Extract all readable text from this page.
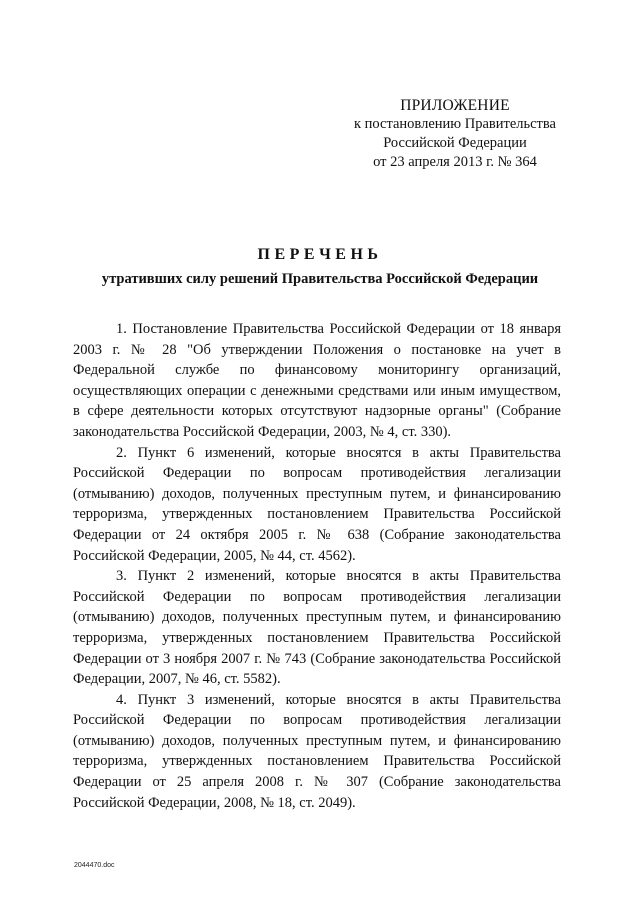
ПРИЛОЖЕНИЕ
к постановлению Правительства
Российской Федерации
от 23 апреля 2013 г. № 364
ПЕРЕЧЕНЬ
утративших силу решений Правительства Российской Федерации

1. Постановление Правительства Российской Федерации от 18 января 2003 г. № 28 "Об утверждении Положения о постановке на учет в Федеральной службе по финансовому мониторингу организаций, осуществляющих операции с денежными средствами или иным имуществом, в сфере деятельности которых отсутствуют надзорные органы" (Собрание законодательства Российской Федерации, 2003, № 4, ст. 330).

2. Пункт 6 изменений, которые вносятся в акты Правительства Российской Федерации по вопросам противодействия легализации (отмыванию) доходов, полученных преступным путем, и финансированию терроризма, утвержденных постановлением Правительства Российской Федерации от 24 октября 2005 г. № 638 (Собрание законодательства Российской Федерации, 2005, № 44, ст. 4562).

3. Пункт 2 изменений, которые вносятся в акты Правительства Российской Федерации по вопросам противодействия легализации (отмыванию) доходов, полученных преступным путем, и финансированию терроризма, утвержденных постановлением Правительства Российской Федерации от 3 ноября 2007 г. № 743 (Собрание законодательства Российской Федерации, 2007, № 46, ст. 5582).

4. Пункт 3 изменений, которые вносятся в акты Правительства Российской Федерации по вопросам противодействия легализации (отмыванию) доходов, полученных преступным путем, и финансированию терроризма, утвержденных постановлением Правительства Российской Федерации от 25 апреля 2008 г. № 307 (Собрание законодательства Российской Федерации, 2008, № 18, ст. 2049).

2044470.doc
